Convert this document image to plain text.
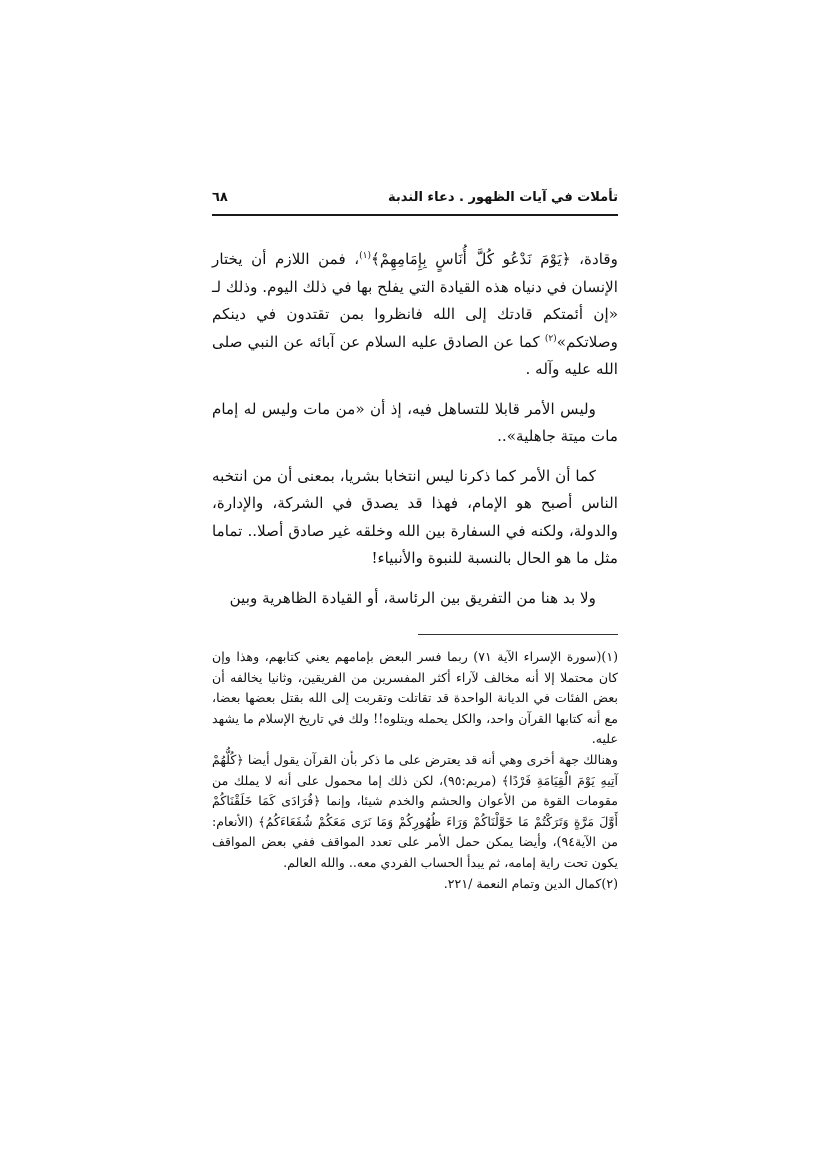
تأملات في آيات الظهور . دعاء الندبة
٦٨

وقادة، ﴿يَوْمَ نَدْعُو كُلَّ أُنَاسٍ بِإِمَامِهِمْ﴾$^{(١)}$، فمن اللازم أن يختار الإنسان في دنياه هذه القيادة التي يفلح بها في ذلك اليوم. وذلك لـ «إن أئمتكم قادتك إلى الله فانظروا بمن تقتدون في دينكم وصلاتكم»$^{(٢)}$ كما عن الصادق عليه السلام عن آبائه عن النبي صلى الله عليه وآله .

وليس الأمر قابلا للتساهل فيه، إذ أن «من مات وليس له إمام مات ميتة جاهلية»..

كما أن الأمر كما ذكرنا ليس انتخابا بشريا، بمعنى أن من انتخبه الناس أصبح هو الإمام، فهذا قد يصدق في الشركة، والإدارة، والدولة، ولكنه في السفارة بين الله وخلقه غير صادق أصلا.. تماما مثل ما هو الحال بالنسبة للنبوة والأنبياء!

ولا بد هنا من التفريق بين الرئاسة، أو القيادة الظاهرية وبين

(١)(سورة الإسراء الآية ٧١) ربما فسر البعض بإمامهم يعني كتابهم، وهذا وإن كان محتملا إلا أنه مخالف لآراء أكثر المفسرين من الفريقين، وثانيا يخالفه أن بعض الفئات في الديانة الواحدة قد تقاتلت وتقربت إلى الله بقتل بعضها بعضا، مع أنه كتابها القرآن واحد، والكل يحمله ويتلوه!! ولك في تاريخ الإسلام ما يشهد عليه.

وهنالك جهة أخرى وهي أنه قد يعترض على ما ذكر بأن القرآن يقول أيضا ﴿كُلُّهُمْ آتِيهِ يَوْمَ الْقِيَامَةِ فَرْدًا﴾ (مريم:٩٥)، لكن ذلك إما محمول على أنه لا يملك من مقومات القوة من الأعوان والحشم والخدم شيئا، وإنما ﴿فُرَادَى كَمَا خَلَقْنَاكُمْ أَوَّلَ مَرَّةٍ وَتَرَكْتُمْ مَا خَوَّلْنَاكُمْ وَرَاءَ ظُهُورِكُمْ وَمَا نَرَى مَعَكُمْ شُفَعَاءَكُمُ﴾ (الأنعام: من الآية٩٤)، وأيضا يمكن حمل الأمر على تعدد المواقف ففي بعض المواقف يكون تحت راية إمامه، ثم يبدأ الحساب الفردي معه.. والله العالم.

(٢)كمال الدين وتمام النعمة /٢٢١.
